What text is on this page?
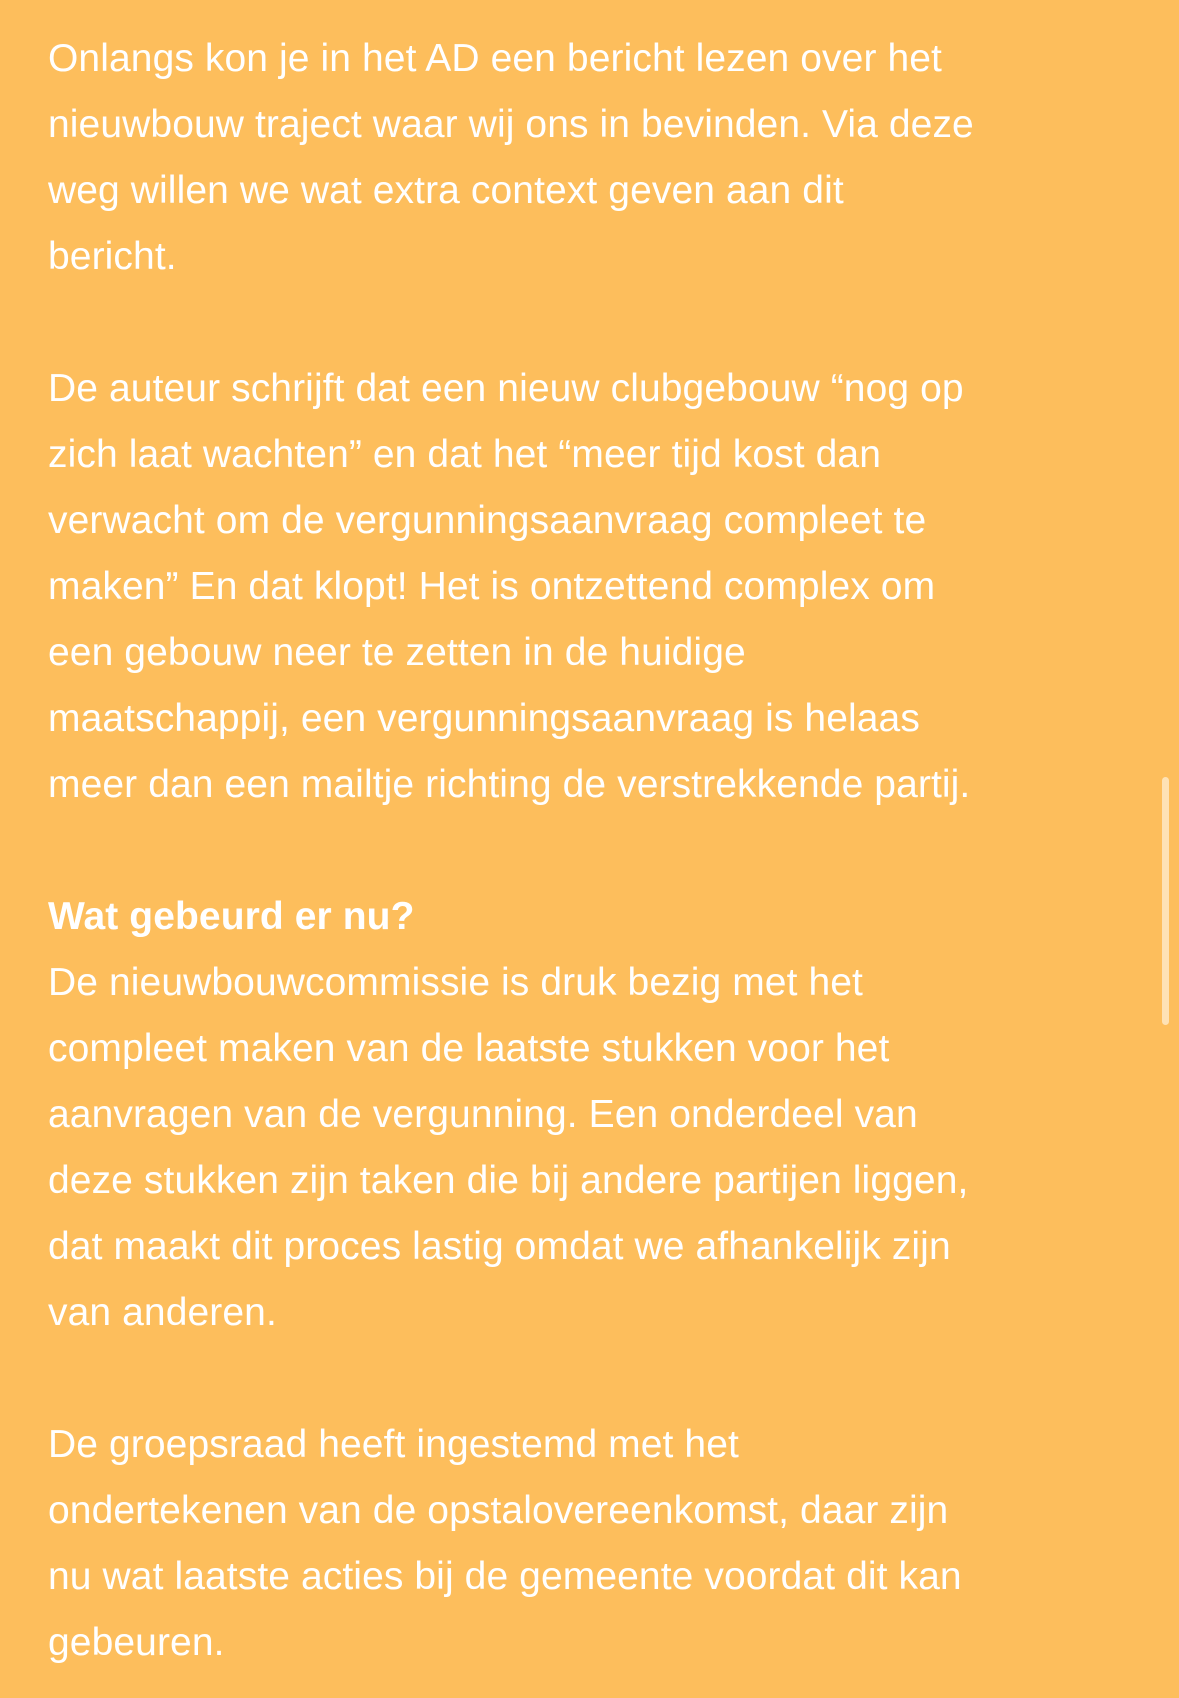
Onlangs kon je in het AD een bericht lezen over het
nieuwbouw traject waar wij ons in bevinden. Via deze
weg willen we wat extra context geven aan dit
bericht.

De auteur schrijft dat een nieuw clubgebouw “nog op
zich laat wachten” en dat het “meer tijd kost dan
verwacht om de vergunningsaanvraag compleet te
maken” En dat klopt! Het is ontzettend complex om
een gebouw neer te zetten in de huidige
maatschappij, een vergunningsaanvraag is helaas
meer dan een mailtje richting de verstrekkende partij.

Wat gebeurd er nu?

De nieuwbouwcommissie is druk bezig met het
compleet maken van de laatste stukken voor het
aanvragen van de vergunning. Een onderdeel van
deze stukken zijn taken die bij andere partijen liggen,
dat maakt dit proces lastig omdat we afhankelijk zijn
van anderen.

De groepsraad heeft ingestemd met het
ondertekenen van de opstalovereenkomst, daar zijn
nu wat laatste acties bij de gemeente voordat dit kan
gebeuren.
